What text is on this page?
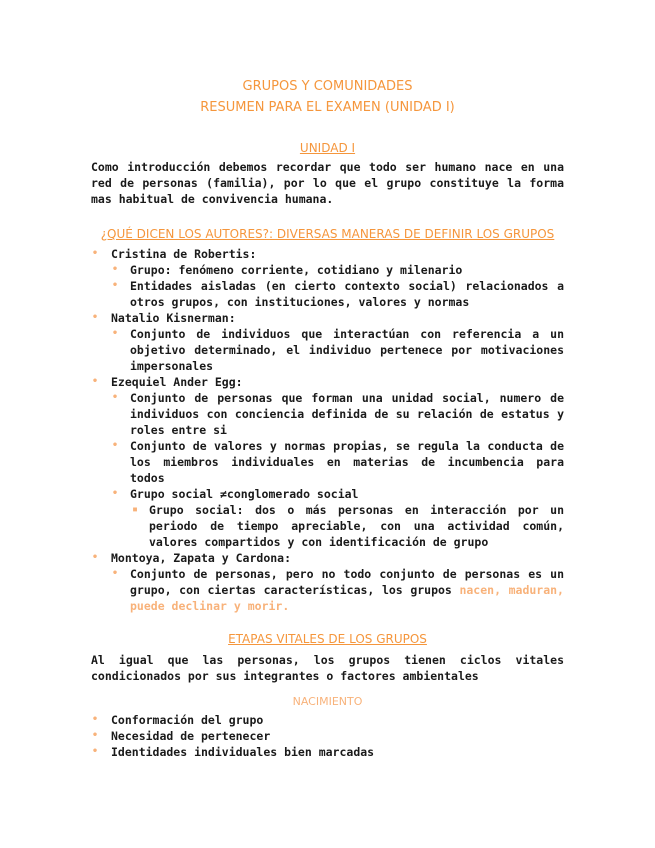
GRUPOS Y COMUNIDADES
RESUMEN PARA EL EXAMEN (UNIDAD I)
UNIDAD I
Como introducción debemos recordar que todo ser humano nace en una red de personas (familia), por lo que el grupo constituye la forma mas habitual de convivencia humana.
¿QUÉ DICEN LOS AUTORES?: DIVERSAS MANERAS DE DEFINIR LOS GRUPOS
• Cristina de Robertis:
• Grupo: fenómeno corriente, cotidiano y milenario
• Entidades aisladas (en cierto contexto social) relacionados a otros grupos, con instituciones, valores y normas
• Natalio Kisnerman:
• Conjunto de individuos que interactúan con referencia a un objetivo determinado, el individuo pertenece por motivaciones impersonales
• Ezequiel Ander Egg:
• Conjunto de personas que forman una unidad social, numero de individuos con conciencia definida de su relación de estatus y roles entre si
• Conjunto de valores y normas propias, se regula la conducta de los miembros individuales en materias de incumbencia para todos
• Grupo social ≠conglomerado social
▪ Grupo social: dos o más personas en interacción por un periodo de tiempo apreciable, con una actividad común, valores compartidos y con identificación de grupo
• Montoya, Zapata y Cardona:
• Conjunto de personas, pero no todo conjunto de personas es un grupo, con ciertas características, los grupos nacen, maduran, puede declinar y morir.
ETAPAS VITALES DE LOS GRUPOS
Al igual que las personas, los grupos tienen ciclos vitales condicionados por sus integrantes o factores ambientales
NACIMIENTO
• Conformación del grupo
• Necesidad de pertenecer
• Identidades individuales bien marcadas
